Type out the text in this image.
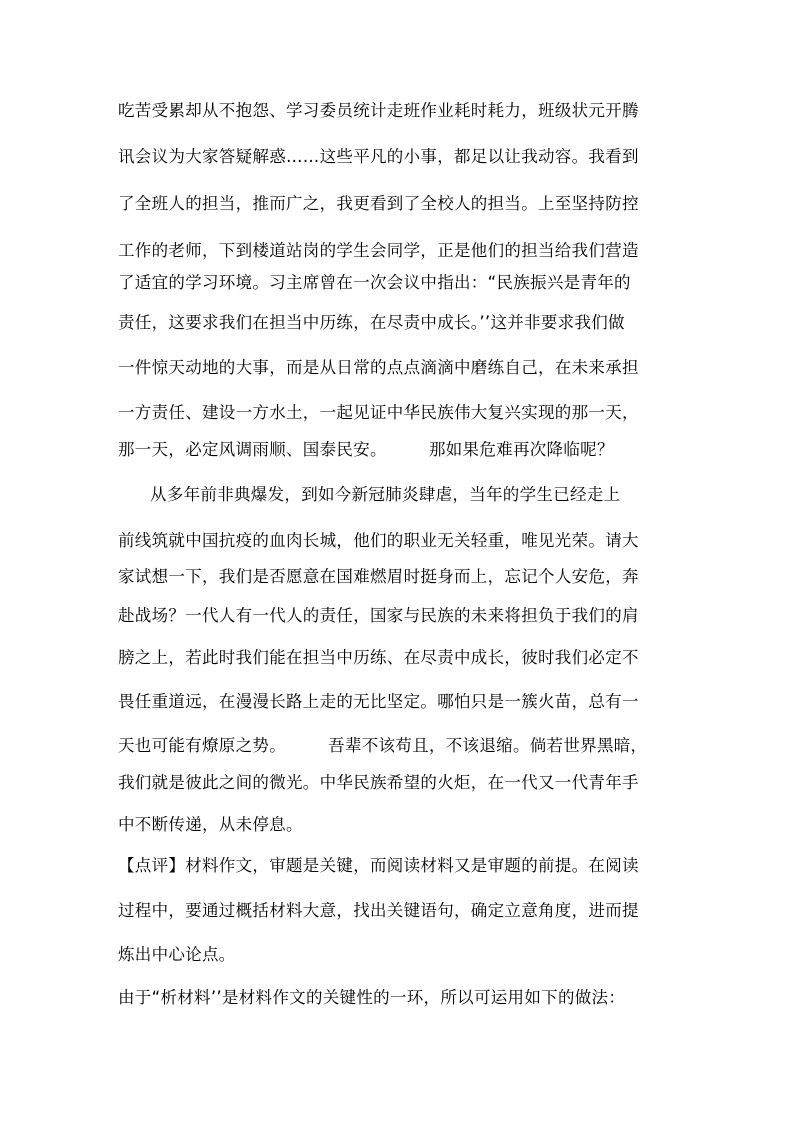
吃苦受累却从不抱怨、学习委员统计走班作业耗时耗力，班级状元开腾
讯会议为大家答疑解惑……这些平凡的小事，都足以让我动容。我看到
了全班人的担当，推而广之，我更看到了全校人的担当。上至坚持防控
工作的老师，下到楼道站岗的学生会同学，正是他们的担当给我们营造
了适宜的学习环境。习主席曾在一次会议中指出：“民族振兴是青年的
责任，这要求我们在担当中历练，在尽责中成长。’’这并非要求我们做
一件惊天动地的大事，而是从日常的点点滴滴中磨练自己，在未来承担
一方责任、建设一方水土，一起见证中华民族伟大复兴实现的那一天，
那一天，必定风调雨顺、国泰民安。　　　那如果危难再次降临呢？
从多年前非典爆发，到如今新冠肺炎肆虐，当年的学生已经走上
前线筑就中国抗疫的血肉长城，他们的职业无关轻重，唯见光荣。请大
家试想一下，我们是否愿意在国难燃眉时挺身而上，忘记个人安危，奔
赴战场？一代人有一代人的责任，国家与民族的未来将担负于我们的肩
膀之上，若此时我们能在担当中历练、在尽责中成长，彼时我们必定不
畏任重道远，在漫漫长路上走的无比坚定。哪怕只是一簇火苗，总有一
天也可能有燎原之势。　　　吾辈不该苟且，不该退缩。倘若世界黑暗，
我们就是彼此之间的微光。中华民族希望的火炬，在一代又一代青年手
中不断传递，从未停息。
【点评】材料作文，审题是关键，而阅读材料又是审题的前提。在阅读
过程中，要通过概括材料大意，找出关键语句，确定立意角度，进而提
炼出中心论点。
由于“析材料’’是材料作文的关键性的一环，所以可运用如下的做法：
